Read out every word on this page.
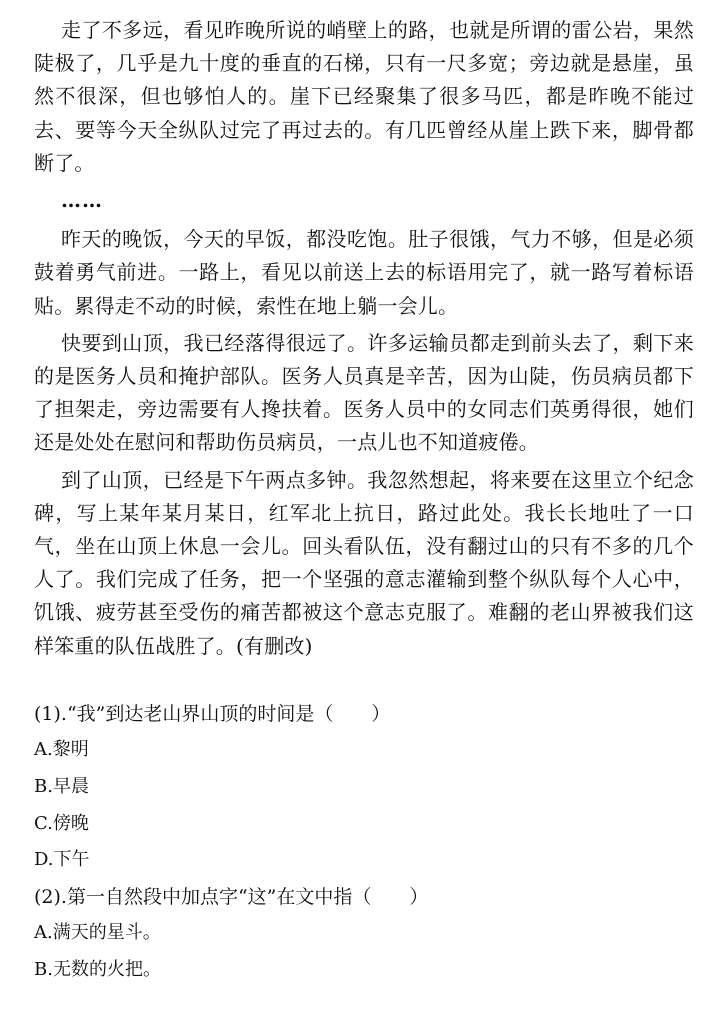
走了不多远，看见昨晚所说的峭壁上的路，也就是所谓的雷公岩，果然陡极了，几乎是九十度的垂直的石梯，只有一尺多宽；旁边就是悬崖，虽然不很深，但也够怕人的。崖下已经聚集了很多马匹，都是昨晚不能过去、要等今天全纵队过完了再过去的。有几匹曾经从崖上跌下来，脚骨都断了。

……

昨天的晚饭，今天的早饭，都没吃饱。肚子很饿，气力不够，但是必须鼓着勇气前进。一路上，看见以前送上去的标语用完了，就一路写着标语贴。累得走不动的时候，索性在地上躺一会儿。

快要到山顶，我已经落得很远了。许多运输员都走到前头去了，剩下来的是医务人员和掩护部队。医务人员真是辛苦，因为山陡，伤员病员都下了担架走，旁边需要有人搀扶着。医务人员中的女同志们英勇得很，她们还是处处在慰问和帮助伤员病员，一点儿也不知道疲倦。

到了山顶，已经是下午两点多钟。我忽然想起，将来要在这里立个纪念碑，写上某年某月某日，红军北上抗日，路过此处。我长长地吐了一口气，坐在山顶上休息一会儿。回头看队伍，没有翻过山的只有不多的几个人了。我们完成了任务，把一个坚强的意志灌输到整个纵队每个人心中，饥饿、疲劳甚至受伤的痛苦都被这个意志克服了。难翻的老山界被我们这样笨重的队伍战胜了。(有删改)

(1).“我”到达老山界山顶的时间是（　　）
A.黎明
B.早晨
C.傍晚
D.下午
(2).第一自然段中加点字“这”在文中指（　　）
A.满天的星斗。
B.无数的火把。
